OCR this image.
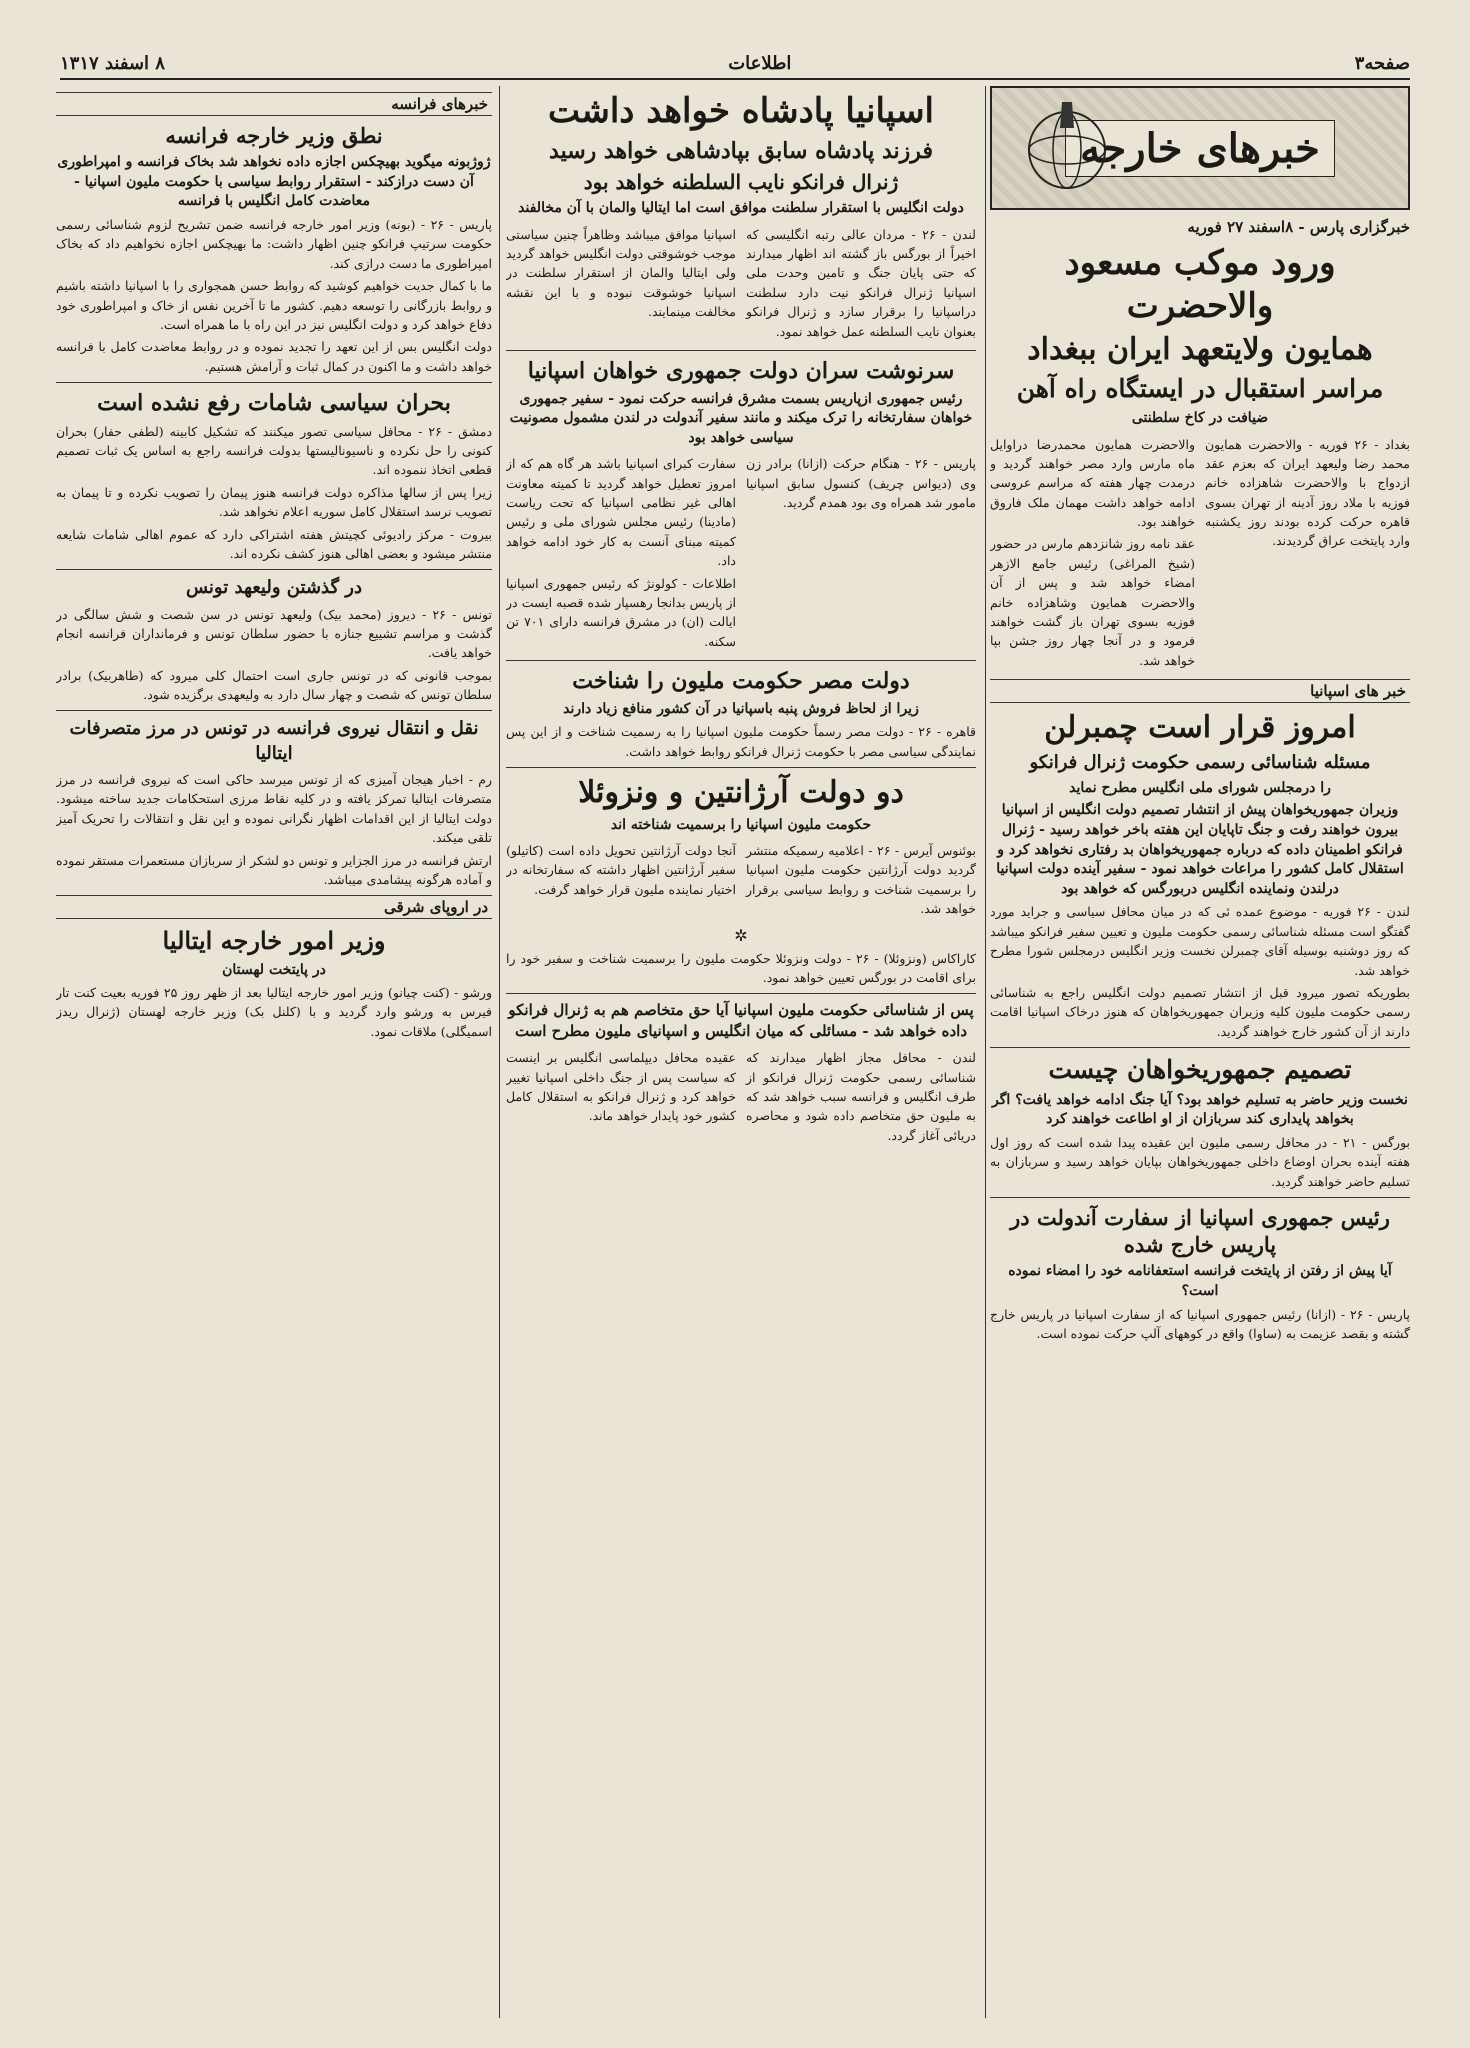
صفحه۳
اطلاعات
۸ اسفند ۱۳۱۷
خبرهای خارجه
خبرگزاری پارس - ۸اسفند ۲۷ فوریه
ورود موکب مسعود والاحضرت
همایون ولایتعهد ایران ببغداد
مراسر استقبال در ایستگاه راه آهن
ضیافت در کاخ سلطنتی

بغداد - ۲۶ فوریه - والاحضرت همایون محمد رضا ولیعهد ایران که بعزم عقد ازدواج با والاحضرت شاهزاده خانم فوزیه با ملاد روز آدینه از تهران بسوی قاهره حرکت کرده بودند روز یکشنبه وارد پایتخت عراق گردیدند.

والاحضرت همایون محمدرضا دراوایل ماه مارس وارد مصر خواهند گردید و درمدت چهار هفته که مراسم عروسی ادامه خواهد داشت مهمان ملک فاروق خواهند بود.

عقد نامه روز شانزدهم مارس در حضور (شیخ المراغی) رئیس جامع الازهر امضاء خواهد شد و پس از آن والاحضرت همایون وشاهزاده خانم فوزیه بسوی تهران باز گشت خواهند فرمود و در آنجا چهار روز جشن بپا خواهد شد.

خبر های اسپانیا
امروز قرار است چمبرلن
مسئله شناسائی رسمی حکومت ژنرال فرانکو
را درمجلس شورای ملی انگلیس مطرح نماید
وزیران جمهوریخواهان پیش از انتشار تصمیم دولت انگلیس از اسپانیا بیرون خواهند رفت و جنگ تاپایان این هفته باخر خواهد رسید - ژنرال فرانکو اطمینان داده که درباره جمهوریخواهان بد رفتاری نخواهد کرد و استقلال کامل کشور را مراعات خواهد نمود - سفیر آینده دولت اسپانیا درلندن ونماینده انگلیس دربورگس که خواهد بود

لندن - ۲۶ فوریه - موضوع عمده ئی که در میان محافل سیاسی و جراید مورد گفتگو است مسئله شناسائی رسمی حکومت ملیون و تعیین سفیر فرانکو میباشد که روز دوشنبه بوسیله آقای چمبرلن نخست وزیر انگلیس درمجلس شورا مطرح خواهد شد.

بطوریکه تصور میرود قبل از انتشار تصمیم دولت انگلیس راجع به شناسائی رسمی حکومت ملیون کلیه وزیران جمهوریخواهان که هنوز درخاک اسپانیا اقامت دارند از آن کشور خارج خواهند گردید.

تصمیم جمهوریخواهان چیست
نخست وزیر حاضر به تسلیم خواهد بود؟ آیا جنگ ادامه خواهد یافت؟ اگر بخواهد پایداری کند سربازان از او اطاعت خواهند کرد

بورگس - ۲۱ - در محافل رسمی ملیون این عقیده پیدا شده است که روز اول هفته آینده بحران اوضاع داخلی جمهوریخواهان بپایان خواهد رسید و سربازان به تسلیم حاضر خواهند گردید.

رئیس جمهوری اسپانیا از سفارت آندولت در پاریس خارج شده
آیا پیش از رفتن از پایتخت فرانسه استعفانامه خود را امضاء نموده است؟

پاریس - ۲۶ - (ازانا) رئیس جمهوری اسپانیا که از سفارت اسپانیا در پاریس خارج گشته و بقصد عزیمت به (ساوا) واقع در کوههای آلپ حرکت نموده است.

اسپانیا پادشاه خواهد داشت
فرزند پادشاه سابق بپادشاهی خواهد رسید
ژنرال فرانکو نایب السلطنه خواهد بود
دولت انگلیس با استقرار سلطنت موافق است اما ایتالیا والمان با آن مخالفند

لندن - ۲۶ - مردان عالی رتبه انگلیسی که اخیراً از بورگس باز گشته اند اظهار میدارند که حتی پایان جنگ و تامین وحدت ملی اسپانیا ژنرال فرانکو نیت دارد سلطنت دراسپانیا را برقرار سازد و ژنرال فرانکو بعنوان نایب السلطنه عمل خواهد نمود.

اسپانیا موافق میباشد وظاهراً چنین سیاستی موجب خوشوقتی دولت انگلیس خواهد گردید ولی ایتالیا والمان از استقرار سلطنت در اسپانیا خوشوقت نبوده و با این نقشه مخالفت مینمایند.

سرنوشت سران دولت جمهوری خواهان اسپانیا
رئیس جمهوری ازپاریس بسمت مشرق فرانسه حرکت نمود - سفیر جمهوری خواهان سفارتخانه را ترک میکند و مانند سفیر آندولت در لندن مشمول مصونیت سیاسی خواهد بود

پاریس - ۲۶ - هنگام حرکت (ازانا) برادر زن وی (دیواس چریف) کنسول سابق اسپانیا مامور شد همراه وی بود همدم گردید.

سفارت کبرای اسپانیا باشد هر گاه هم که از امروز تعطیل خواهد گردید تا کمیته معاونت اهالی غیر نظامی اسپانیا که تحت ریاست (مادینا) رئیس مجلس شورای ملی و رئیس کمیته مبنای آنست به کار خود ادامه خواهد داد.

اطلاعات - کولونژ که رئیس جمهوری اسپانیا از پاریس بدانجا رهسپار شده قصبه ایست در ایالت (ان) در مشرق فرانسه دارای ۷۰۱ تن سکنه.

دولت مصر حکومت ملیون را شناخت
زیرا از لحاظ فروش پنبه باسپانیا در آن کشور منافع زیاد دارند

قاهره - ۲۶ - دولت مصر رسماً حکومت ملیون اسپانیا را به رسمیت شناخت و از این پس نمایندگی سیاسی مصر با حکومت ژنرال فرانکو روابط خواهد داشت.

دو دولت آرژانتین و ونزوئلا
حکومت ملیون اسپانیا را برسمیت شناخته اند

بوئنوس آیرس - ۲۶ - اعلامیه رسمیکه منتشر گردید دولت آرژانتین حکومت ملیون اسپانیا را برسمیت شناخت و روابط سیاسی برقرار خواهد شد.

آنجا دولت آرژانتین تحویل داده است (کاتیلو) سفیر آرژانتین اظهار داشته که سفارتخانه در اختیار نماینده ملیون قرار خواهد گرفت.

✲

کاراکاس (ونزوئلا) - ۲۶ - دولت ونزوئلا حکومت ملیون را برسمیت شناخت و سفیر خود را برای اقامت در بورگس تعیین خواهد نمود.

پس از شناسائی حکومت ملیون اسپانیا آیا حق متخاصم هم به ژنرال فرانکو داده خواهد شد - مسائلی که میان انگلیس و اسپانیای ملیون مطرح است

لندن - محافل مجاز اظهار میدارند که شناسائی رسمی حکومت ژنرال فرانکو از طرف انگلیس و فرانسه سبب خواهد شد که به ملیون حق متخاصم داده شود و محاصره دریائی آغاز گردد.

عقیده محافل دیپلماسی انگلیس بر اینست که سیاست پس از جنگ داخلی اسپانیا تغییر خواهد کرد و ژنرال فرانکو به استقلال کامل کشور خود پایدار خواهد ماند.

خبرهای فرانسه
نطق وزیر خارجه فرانسه
ژوژبونه میگوید بهیچکس اجازه داده نخواهد شد بخاک فرانسه و امپراطوری آن دست درازکند - استقرار روابط سیاسی با حکومت ملیون اسپانیا - معاضدت کامل انگلیس با فرانسه

پاریس - ۲۶ - (بونه) وزیر امور خارجه فرانسه ضمن تشریح لزوم شناسائی رسمی حکومت سرتیپ فرانکو چنین اظهار داشت: ما بهیچکس اجازه نخواهیم داد که بخاک امپراطوری ما دست درازی کند.

ما با کمال جدیت خواهیم کوشید که روابط حسن همجواری را با اسپانیا داشته باشیم و روابط بازرگانی را توسعه دهیم. کشور ما تا آخرین نفس از خاک و امپراطوری خود دفاع خواهد کرد و دولت انگلیس نیز در این راه با ما همراه است.

دولت انگلیس بس از این تعهد را تجدید نموده و در روابط معاضدت کامل با فرانسه خواهد داشت و ما اکنون در کمال ثبات و آرامش هستیم.

بحران سیاسی شامات رفع نشده است

دمشق - ۲۶ - محافل سیاسی تصور میکنند که تشکیل کابینه (لطفی حفار) بحران کنونی را حل نکرده و ناسیونالیستها بدولت فرانسه راجع به اساس یک ثبات تصمیم قطعی اتخاذ ننموده اند.

زیرا پس از سالها مذاکره دولت فرانسه هنوز پیمان را تصویب نکرده و تا پیمان به تصویب نرسد استقلال کامل سوریه اعلام نخواهد شد.

بیروت - مرکز رادیوئی کچیتش هفته اشتراکی دارد که عموم اهالی شامات شایعه منتشر میشود و بعضی اهالی هنوز کشف نکرده اند.

در گذشتن ولیعهد تونس

تونس - ۲۶ - دیروز (محمد بیک) ولیعهد تونس در سن شصت و شش سالگی در گذشت و مراسم تشییع جنازه با حضور سلطان تونس و فرمانداران فرانسه انجام خواهد یافت.

بموجب قانونی که در تونس جاری است احتمال کلی میرود که (طاهربیک) برادر سلطان تونس که شصت و چهار سال دارد به ولیعهدی برگزیده شود.

نقل و انتقال نیروی فرانسه در تونس در مرز متصرفات ایتالیا

رم - اخبار هیجان آمیزی که از تونس میرسد حاکی است که نیروی فرانسه در مرز متصرفات ایتالیا تمرکز یافته و در کلیه نقاط مرزی استحکامات جدید ساخته میشود. دولت ایتالیا از این اقدامات اظهار نگرانی نموده و این نقل و انتقالات را تحریک آمیز تلقی میکند.

ارتش فرانسه در مرز الجزایر و تونس دو لشکر از سربازان مستعمرات مستقر نموده و آماده هرگونه پیشامدی میباشد.

در اروپای شرقی
وزیر امور خارجه ایتالیا
در پایتخت لهستان

ورشو - (کنت چیانو) وزیر امور خارجه ایتالیا بعد از ظهر روز ۲۵ فوریه بعیت کنت تار فیرس به ورشو وارد گردید و با (کلنل بک) وزیر خارجه لهستان (ژنرال ریدز اسمیگلی) ملاقات نمود.
